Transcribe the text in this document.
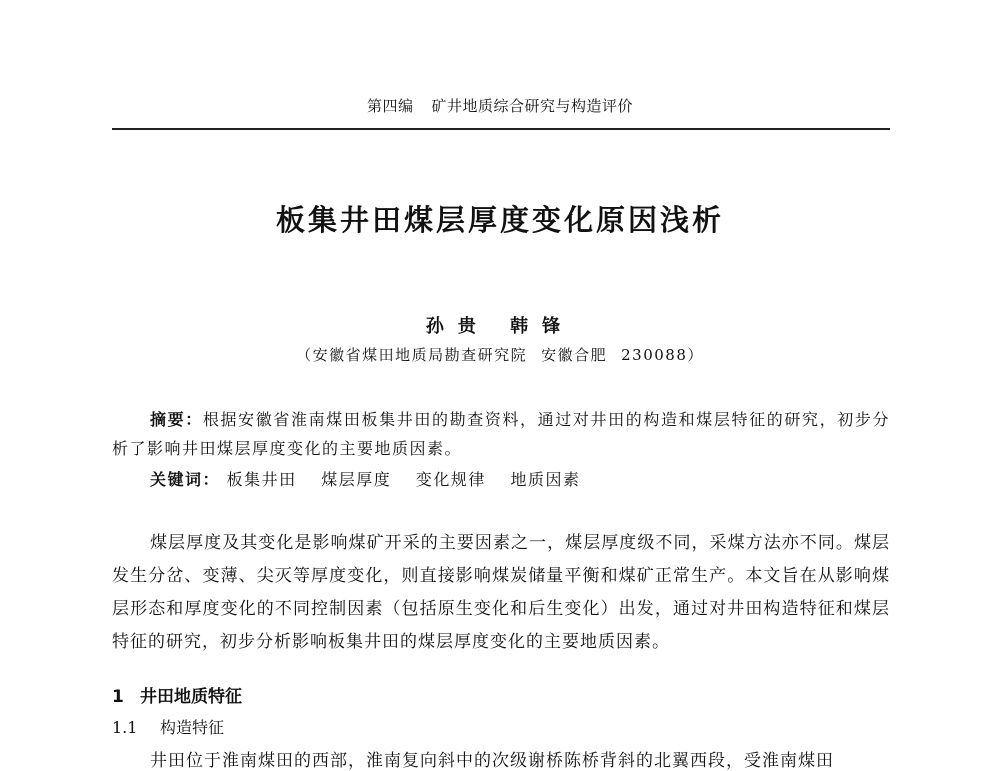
第四编 矿井地质综合研究与构造评价
板集井田煤层厚度变化原因浅析
孙贵 韩锋
（安徽省煤田地质局勘查研究院 安徽合肥 230088）
摘要：根据安徽省淮南煤田板集井田的勘查资料，通过对井田的构造和煤层特征的研究，初步分析了影响井田煤层厚度变化的主要地质因素。
关键词： 板集井田 煤层厚度 变化规律 地质因素
煤层厚度及其变化是影响煤矿开采的主要因素之一，煤层厚度级不同，采煤方法亦不同。煤层发生分岔、变薄、尖灭等厚度变化，则直接影响煤炭储量平衡和煤矿正常生产。本文旨在从影响煤层形态和厚度变化的不同控制因素（包括原生变化和后生变化）出发，通过对井田构造特征和煤层特征的研究，初步分析影响板集井田的煤层厚度变化的主要地质因素。
1 井田地质特征
1.1 构造特征
井田位于淮南煤田的西部，淮南复向斜中的次级谢桥陈桥背斜的北翼西段，受淮南煤田
